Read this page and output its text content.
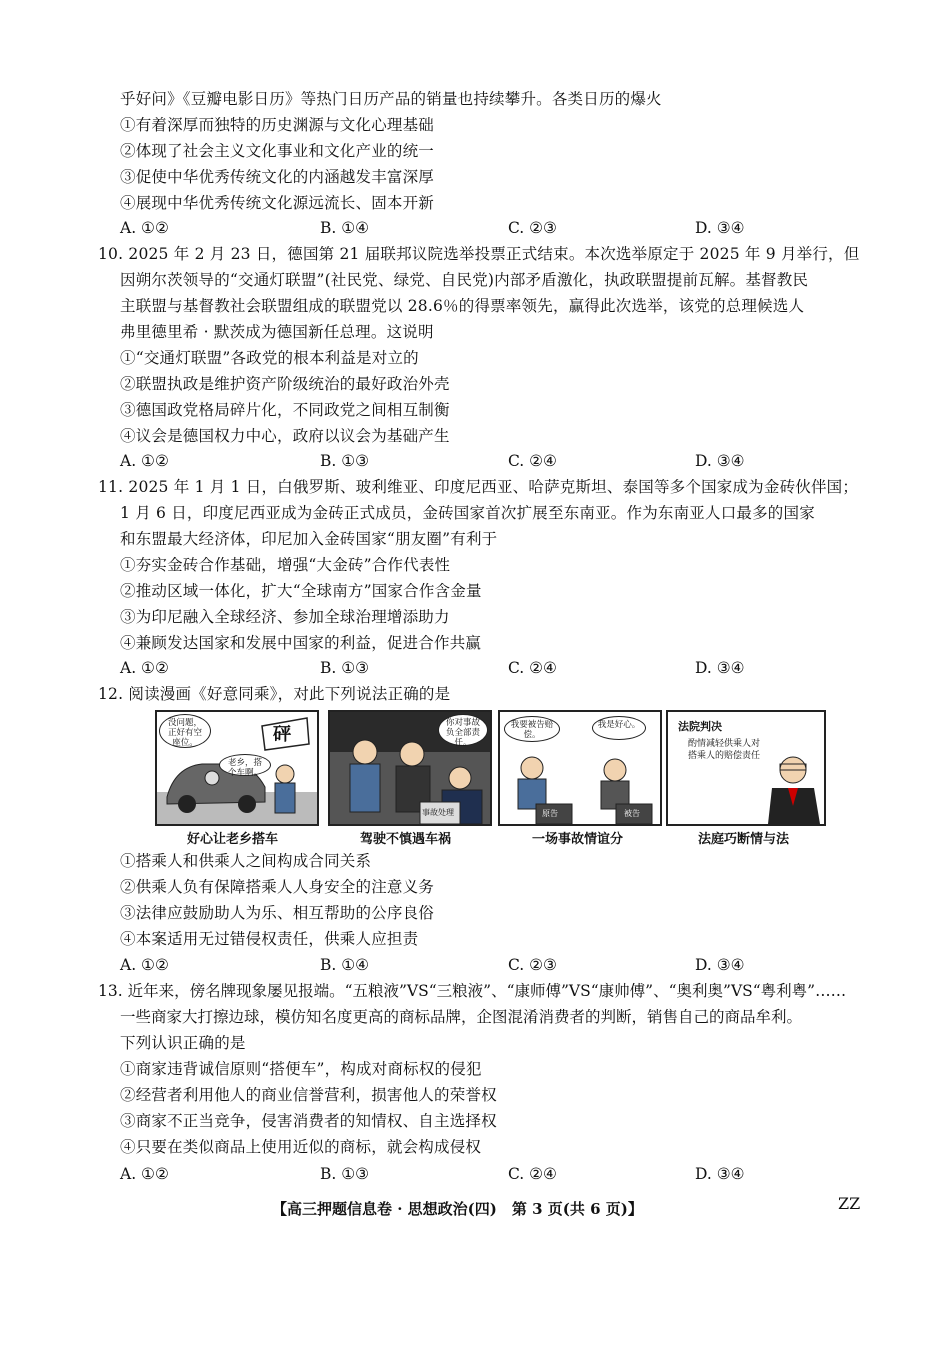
乎好问》《豆瓣电影日历》等热门日历产品的销量也持续攀升。各类日历的爆火
①有着深厚而独特的历史渊源与文化心理基础
②体现了社会主义文化事业和文化产业的统一
③促使中华优秀传统文化的内涵越发丰富深厚
④展现中华优秀传统文化源远流长、固本开新
A. ①②	B. ①④	C. ②③	D. ③④
10. 2025 年 2 月 23 日，德国第 21 届联邦议院选举投票正式结束。本次选举原定于 2025 年 9 月举行，但
因朔尔茨领导的“交通灯联盟”(社民党、绿党、自民党)内部矛盾激化，执政联盟提前瓦解。基督教民
主联盟与基督教社会联盟组成的联盟党以 28.6％的得票率领先，赢得此次选举，该党的总理候选人
弗里德里希 · 默茨成为德国新任总理。这说明
①“交通灯联盟”各政党的根本利益是对立的
②联盟执政是维护资产阶级统治的最好政治外壳
③德国政党格局碎片化，不同政党之间相互制衡
④议会是德国权力中心，政府以议会为基础产生
A. ①②	B. ①③	C. ②④	D. ③④
11. 2025 年 1 月 1 日，白俄罗斯、玻利维亚、印度尼西亚、哈萨克斯坦、泰国等多个国家成为金砖伙伴国；
1 月 6 日，印度尼西亚成为金砖正式成员，金砖国家首次扩展至东南亚。作为东南亚人口最多的国家
和东盟最大经济体，印尼加入金砖国家“朋友圈”有利于
①夯实金砖合作基础，增强“大金砖”合作代表性
②推动区域一体化，扩大“全球南方”国家合作含金量
③为印尼融入全球经济、参加全球治理增添助力
④兼顾发达国家和发展中国家的利益，促进合作共赢
A. ①②	B. ①③	C. ②④	D. ③④
12. 阅读漫画《好意同乘》，对此下列说法正确的是
没问题，正好有空座位。
老乡，搭个车啊。
砰
你对事故负全部责任。
事故处理
我要被告赔偿。
我是好心。
原告	被告
法院判决
酌情减轻供乘人对搭乘人的赔偿责任
好心让老乡搭车	驾驶不慎遇车祸	一场事故情谊分	法庭巧断情与法
①搭乘人和供乘人之间构成合同关系
②供乘人负有保障搭乘人人身安全的注意义务
③法律应鼓励助人为乐、相互帮助的公序良俗
④本案适用无过错侵权责任，供乘人应担责
A. ①②	B. ①④	C. ②③	D. ③④
13. 近年来，傍名牌现象屡见报端。“五粮液”VS“三粮液”、“康师傅”VS“康帅傅”、“奥利奥”VS“粤利粤”……
一些商家大打擦边球，模仿知名度更高的商标品牌，企图混淆消费者的判断，销售自己的商品牟利。
下列认识正确的是
①商家违背诚信原则“搭便车”，构成对商标权的侵犯
②经营者利用他人的商业信誉营利，损害他人的荣誉权
③商家不正当竞争，侵害消费者的知情权、自主选择权
④只要在类似商品上使用近似的商标，就会构成侵权
A. ①②	B. ①③	C. ②④	D. ③④
【高三押题信息卷 · 思想政治(四)　第 3 页(共 6 页)】	ZZ
